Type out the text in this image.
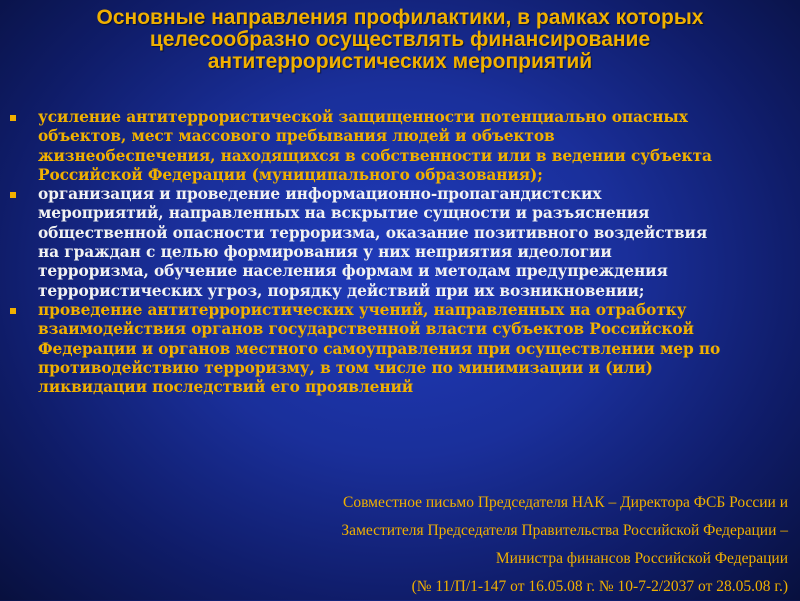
Основные направления профилактики, в рамках которых
целесообразно осуществлять финансирование
антитеррористических мероприятий
усиление антитеррористической защищенности потенциально опасных
объектов, мест массового пребывания людей и объектов
жизнеобеспечения, находящихся в собственности или в ведении субъекта
Российской Федерации (муниципального образования);
организация и проведение информационно-пропагандистских
мероприятий, направленных на вскрытие сущности и разъяснения
общественной опасности терроризма, оказание позитивного воздействия
на граждан с целью формирования у них неприятия идеологии
терроризма, обучение населения формам и методам предупреждения
террористических угроз, порядку действий при их возникновении;
проведение антитеррористических учений, направленных на отработку
взаимодействия органов государственной власти субъектов Российской
Федерации и органов местного самоуправления при осуществлении мер по
противодействию терроризму, в том числе по минимизации и (или)
ликвидации последствий его проявлений
Совместное письмо Председателя НАК – Директора ФСБ России и
Заместителя Председателя Правительства Российской Федерации –
Министра финансов Российской Федерации
(№ 11/П/1-147 от 16.05.08 г. № 10-7-2/2037 от 28.05.08 г.)
